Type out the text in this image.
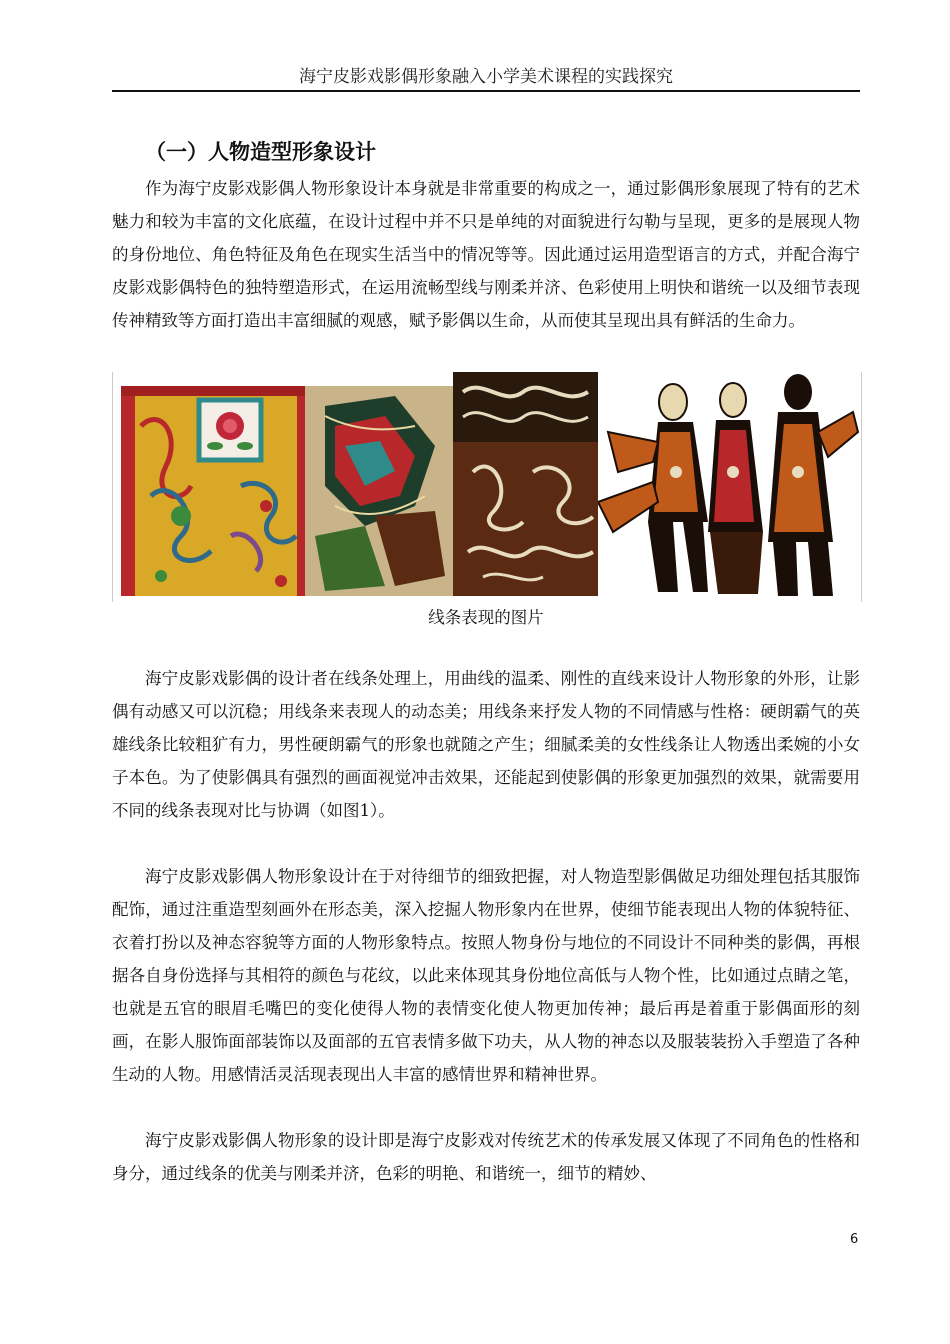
海宁皮影戏影偶形象融入小学美术课程的实践探究
（一）人物造型形象设计

作为海宁皮影戏影偶人物形象设计本身就是非常重要的构成之一，通过影偶形象展现了特有的艺术魅力和较为丰富的文化底蕴，在设计过程中并不只是单纯的对面貌进行勾勒与呈现，更多的是展现人物的身份地位、角色特征及角色在现实生活当中的情况等等。因此通过运用造型语言的方式，并配合海宁皮影戏影偶特色的独特塑造形式，在运用流畅型线与刚柔并济、色彩使用上明快和谐统一以及细节表现传神精致等方面打造出丰富细腻的观感，赋予影偶以生命，从而使其呈现出具有鲜活的生命力。

线条表现的图片

海宁皮影戏影偶的设计者在线条处理上，用曲线的温柔、刚性的直线来设计人物形象的外形，让影偶有动感又可以沉稳；用线条来表现人的动态美；用线条来抒发人物的不同情感与性格：硬朗霸气的英雄线条比较粗犷有力，男性硬朗霸气的形象也就随之产生；细腻柔美的女性线条让人物透出柔婉的小女子本色。为了使影偶具有强烈的画面视觉冲击效果，还能起到使影偶的形象更加强烈的效果，就需要用不同的线条表现对比与协调（如图1）。

海宁皮影戏影偶人物形象设计在于对待细节的细致把握，对人物造型影偶做足功细处理包括其服饰配饰，通过注重造型刻画外在形态美，深入挖掘人物形象内在世界，使细节能表现出人物的体貌特征、衣着打扮以及神态容貌等方面的人物形象特点。按照人物身份与地位的不同设计不同种类的影偶，再根据各自身份选择与其相符的颜色与花纹，以此来体现其身份地位高低与人物个性，比如通过点睛之笔，也就是五官的眼眉毛嘴巴的变化使得人物的表情变化使人物更加传神；最后再是着重于影偶面形的刻画，在影人服饰面部装饰以及面部的五官表情多做下功夫，从人物的神态以及服装装扮入手塑造了各种生动的人物。用感情活灵活现表现出人丰富的感情世界和精神世界。

海宁皮影戏影偶人物形象的设计即是海宁皮影戏对传统艺术的传承发展又体现了不同角色的性格和身分，通过线条的优美与刚柔并济，色彩的明艳、和谐统一，细节的精妙、

6
